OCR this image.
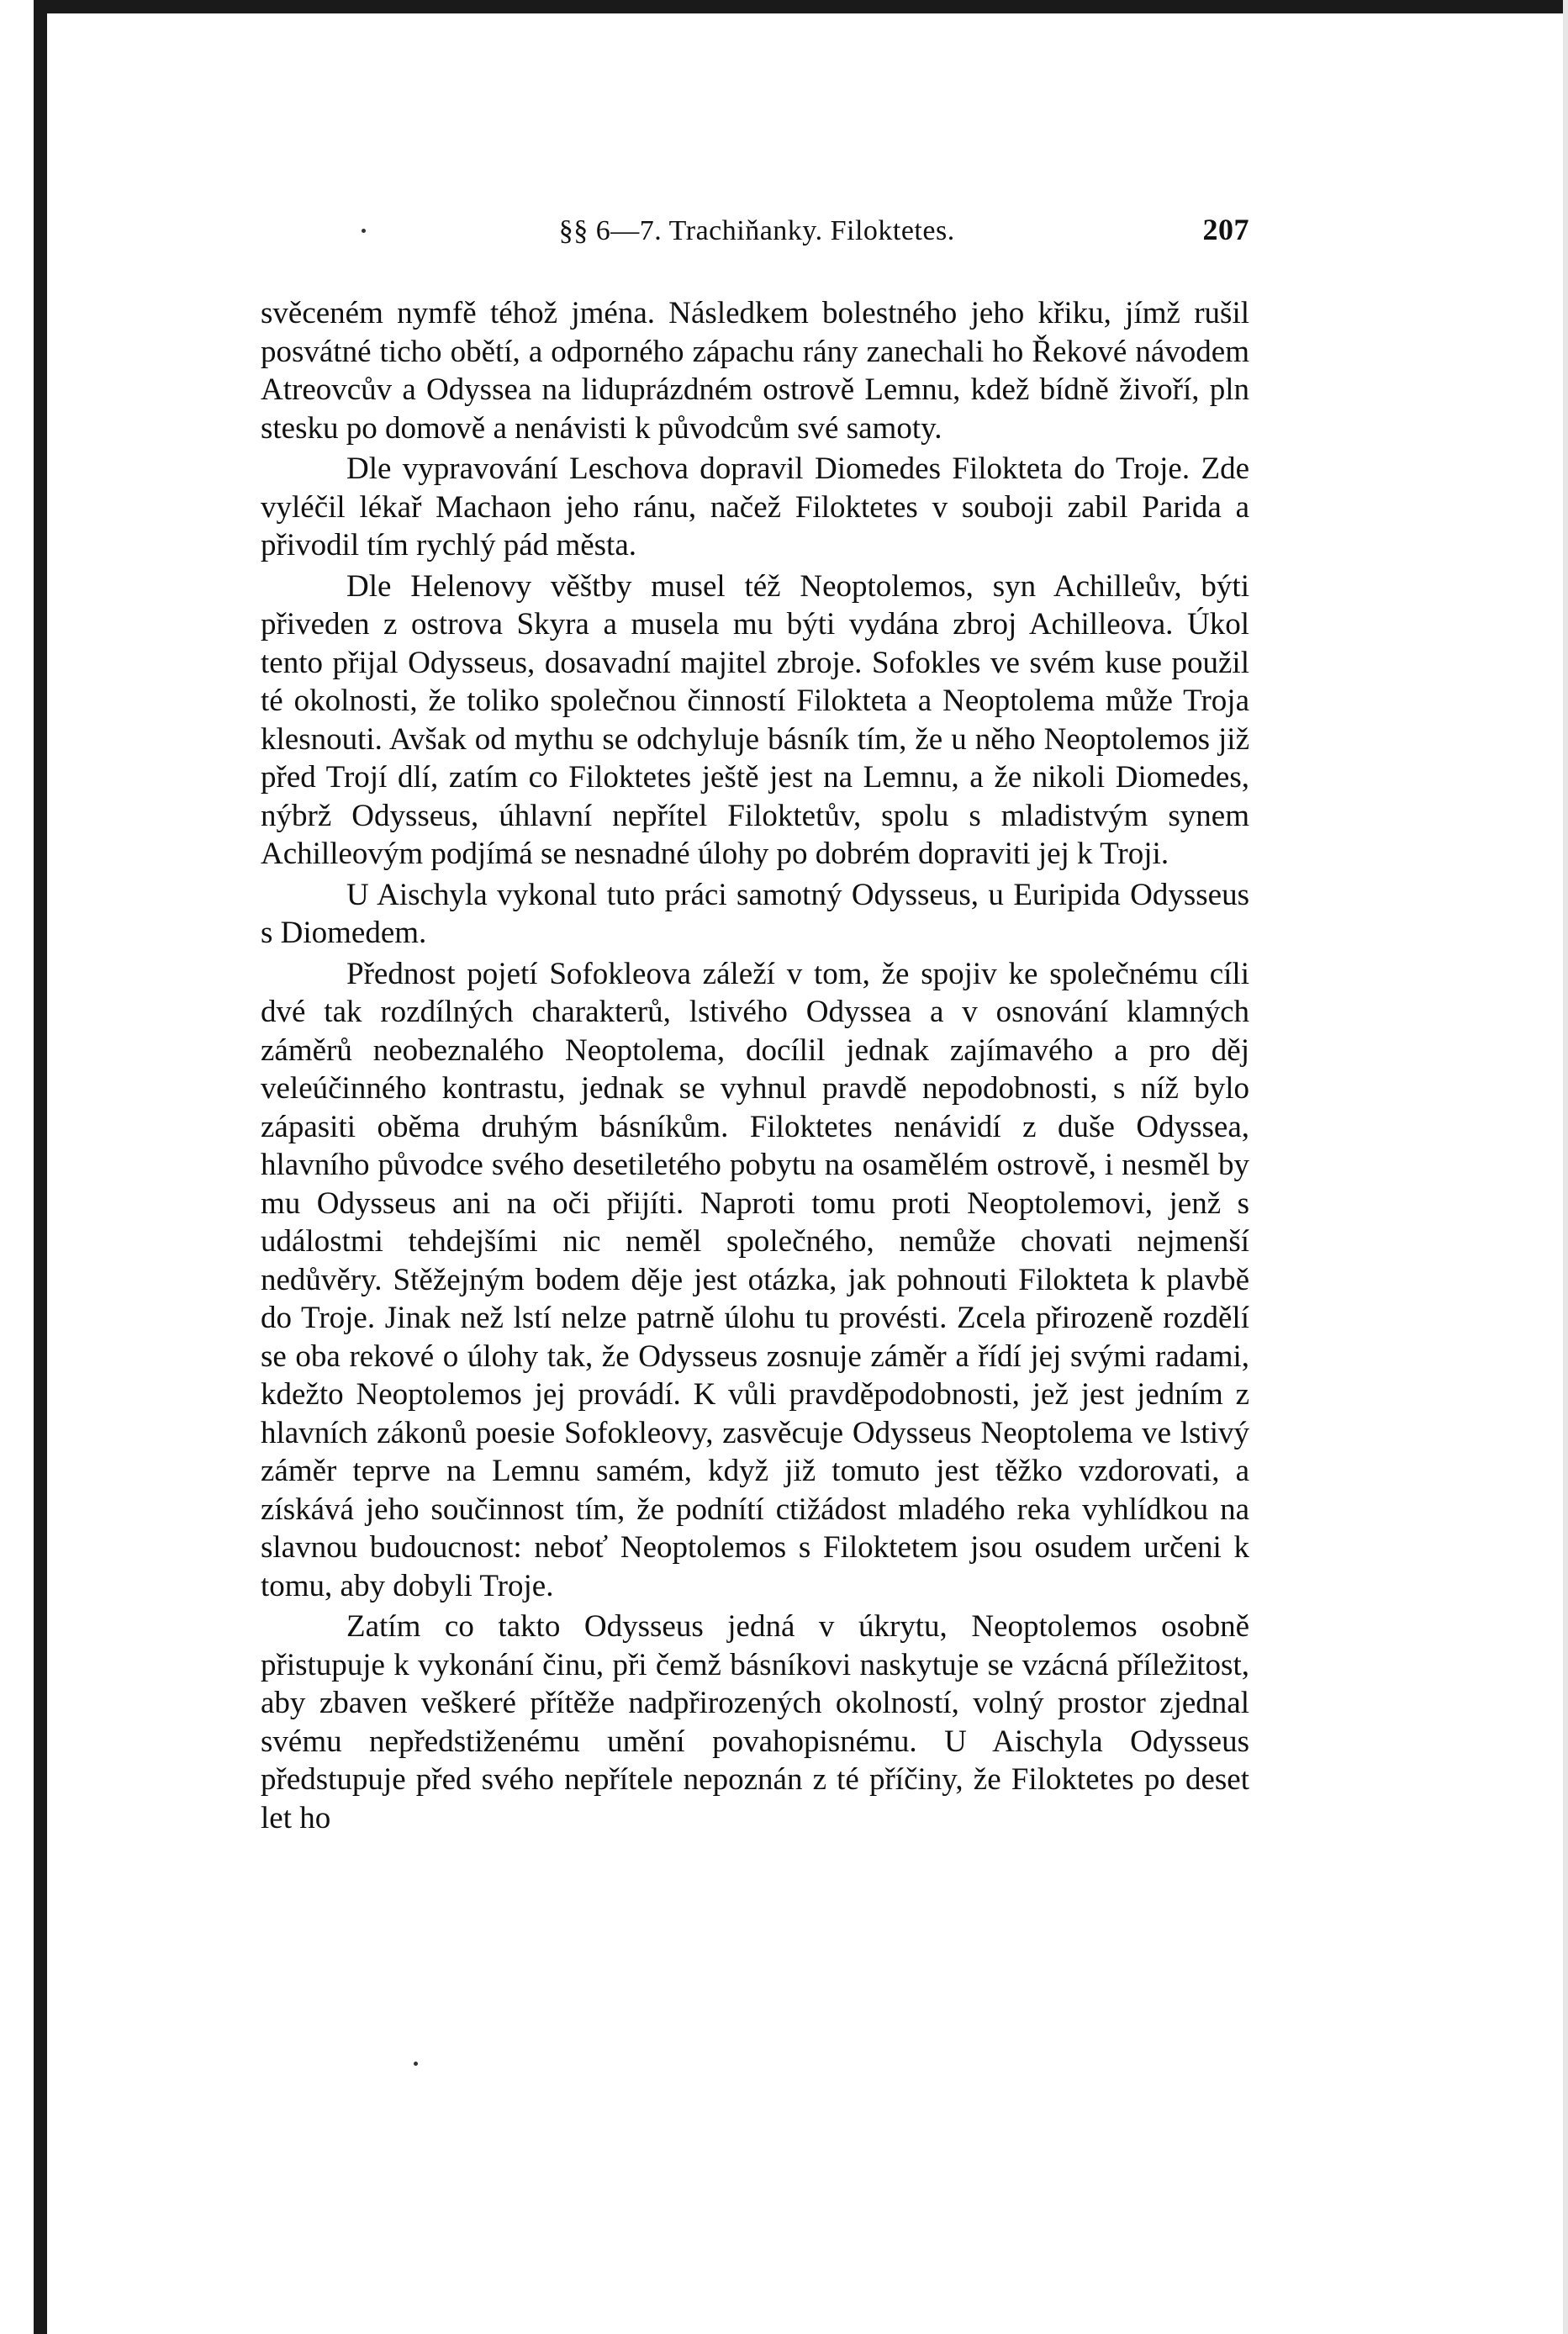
§§ 6—7. Trachiňanky. Filoktetes.	207

svěceném nymfě téhož jména. Následkem bolestného jeho křiku, jímž rušil posvátné ticho obětí, a odporného zápachu rány zanechali ho Řekové návodem Atreovcův a Odyssea na liduprázdném ostrově Lemnu, kdež bídně živoří, pln stesku po domově a nenávisti k původcům své samoty.

Dle vypravování Leschova dopravil Diomedes Filokteta do Troje. Zde vyléčil lékař Machaon jeho ránu, načež Filoktetes v souboji zabil Parida a přivodil tím rychlý pád města.

Dle Helenovy věštby musel též Neoptolemos, syn Achilleův, býti přiveden z ostrova Skyra a musela mu býti vydána zbroj Achilleova. Úkol tento přijal Odysseus, dosavadní majitel zbroje. Sofokles ve svém kuse použil té okolnosti, že toliko společnou činností Filokteta a Neoptolema může Troja klesnouti. Avšak od mythu se odchyluje básník tím, že u něho Neoptolemos již před Trojí dlí, zatím co Filoktetes ještě jest na Lemnu, a že nikoli Diomedes, nýbrž Odysseus, úhlavní nepřítel Filoktetův, spolu s mladistvým synem Achilleovým podjímá se nesnadné úlohy po dobrém dopraviti jej k Troji.

U Aischyla vykonal tuto práci samotný Odysseus, u Euripida Odysseus s Diomedem.

Přednost pojetí Sofokleova záleží v tom, že spojiv ke společnému cíli dvé tak rozdílných charakterů, lstivého Odyssea a v osnování klamných záměrů neobeznalého Neoptolema, docílil jednak zajímavého a pro děj veleúčinného kontrastu, jednak se vyhnul pravdě nepodobnosti, s níž bylo zápasiti oběma druhým básníkům. Filoktetes nenávidí z duše Odyssea, hlavního původce svého desetiletého pobytu na osamělém ostrově, i nesměl by mu Odysseus ani na oči přijíti. Naproti tomu proti Neoptolemovi, jenž s událostmi tehdejšími nic neměl společného, nemůže chovati nejmenší nedůvěry. Stěžejným bodem děje jest otázka, jak pohnouti Filokteta k plavbě do Troje. Jinak než lstí nelze patrně úlohu tu provésti. Zcela přirozeně rozdělí se oba rekové o úlohy tak, že Odysseus zosnuje záměr a řídí jej svými radami, kdežto Neoptolemos jej provádí. K vůli pravděpodobnosti, jež jest jedním z hlavních zákonů poesie Sofokleovy, zasvěcuje Odysseus Neoptolema ve lstivý záměr teprve na Lemnu samém, když již tomuto jest těžko vzdorovati, a získává jeho součinnost tím, že podnítí ctižádost mladého reka vyhlídkou na slavnou budoucnost: neboť Neoptolemos s Filoktetem jsou osudem určeni k tomu, aby dobyli Troje.

Zatím co takto Odysseus jedná v úkrytu, Neoptolemos osobně přistupuje k vykonání činu, při čemž básníkovi naskytuje se vzácná příležitost, aby zbaven veškeré přítěže nadpřirozených okolností, volný prostor zjednal svému nepředstiženému umění povahopisnému. U Aischyla Odysseus předstupuje před svého nepřítele nepoznán z té příčiny, že Filoktetes po deset let ho
